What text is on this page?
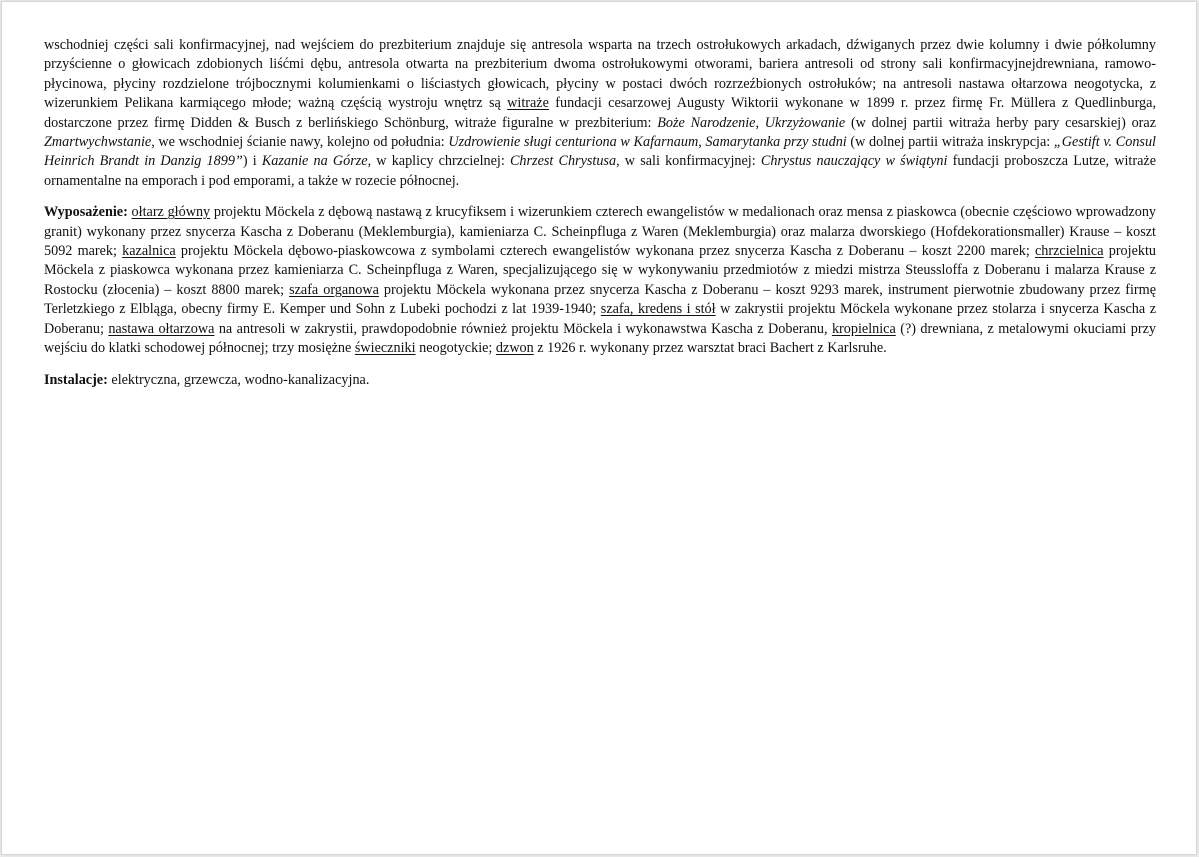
wschodniej części sali konfirmacyjnej, nad wejściem do prezbiterium znajduje się antresola wsparta na trzech ostrołukowych arkadach, dźwiganych przez dwie kolumny i dwie półkolumny przyścienne o głowicach zdobionych liśćmi dębu, antresola otwarta na prezbiterium dwoma ostrołukowymi otworami, bariera antresoli od strony sali konfirmacyjnejdrewniana, ramowo-płycinowa, płyciny rozdzielone trójbocznymi kolumienkami o liściastych głowicach, płyciny w postaci dwóch rozrzeźbionych ostrołuków; na antresoli nastawa ołtarzowa neogotycka, z wizerunkiem Pelikana karmiącego młode; ważną częścią wystroju wnętrz są witraże fundacji cesarzowej Augusty Wiktorii wykonane w 1899 r. przez firmę Fr. Müllera z Quedlinburga, dostarczone przez firmę Didden & Busch z berlińskiego Schönburg, witraże figuralne w prezbiterium: Boże Narodzenie, Ukrzyżowanie (w dolnej partii witraża herby pary cesarskiej) oraz Zmartwychwstanie, we wschodniej ścianie nawy, kolejno od południa: Uzdrowienie sługi centuriona w Kafarnaum, Samarytanka przy studni (w dolnej partii witraża inskrypcja: „Gestift v. Consul Heinrich Brandt in Danzig 1899”) i Kazanie na Górze, w kaplicy chrzcielnej: Chrzest Chrystusa, w sali konfirmacyjnej: Chrystus nauczający w świątyni fundacji proboszcza Lutze, witraże ornamentalne na emporach i pod emporami, a także w rozecie północnej.

Wyposażenie: ołtarz główny projektu Möckela z dębową nastawą z krucyfiksem i wizerunkiem czterech ewangelistów w medalionach oraz mensa z piaskowca (obecnie częściowo wprowadzony granit) wykonany przez snycerza Kascha z Doberanu (Meklemburgia), kamieniarza C. Scheinpfluga z Waren (Meklemburgia) oraz malarza dworskiego (Hofdekorationsmaller) Krause – koszt 5092 marek; kazalnica projektu Möckela dębowo-piaskowcowa z symbolami czterech ewangelistów wykonana przez snycerza Kascha z Doberanu – koszt 2200 marek; chrzcielnica projektu Möckela z piaskowca wykonana przez kamieniarza C. Scheinpfluga z Waren, specjalizującego się w wykonywaniu przedmiotów z miedzi mistrza Steussloffa z Doberanu i malarza Krause z Rostocku (złocenia) – koszt 8800 marek; szafa organowa projektu Möckela wykonana przez snycerza Kascha z Doberanu – koszt 9293 marek, instrument pierwotnie zbudowany przez firmę Terletzkiego z Elbląga, obecny firmy E. Kemper und Sohn z Lubeki pochodzi z lat 1939-1940; szafa, kredens i stół w zakrystii projektu Möckela wykonane przez stolarza i snycerza Kascha z Doberanu; nastawa ołtarzowa na antresoli w zakrystii, prawdopodobnie również projektu Möckela i wykonawstwa Kascha z Doberanu, kropielnica (?) drewniana, z metalowymi okuciami przy wejściu do klatki schodowej północnej; trzy mosiężne świeczniki neogotyckie; dzwon z 1926 r. wykonany przez warsztat braci Bachert z Karlsruhe.

Instalacje: elektryczna, grzewcza, wodno-kanalizacyjna.
